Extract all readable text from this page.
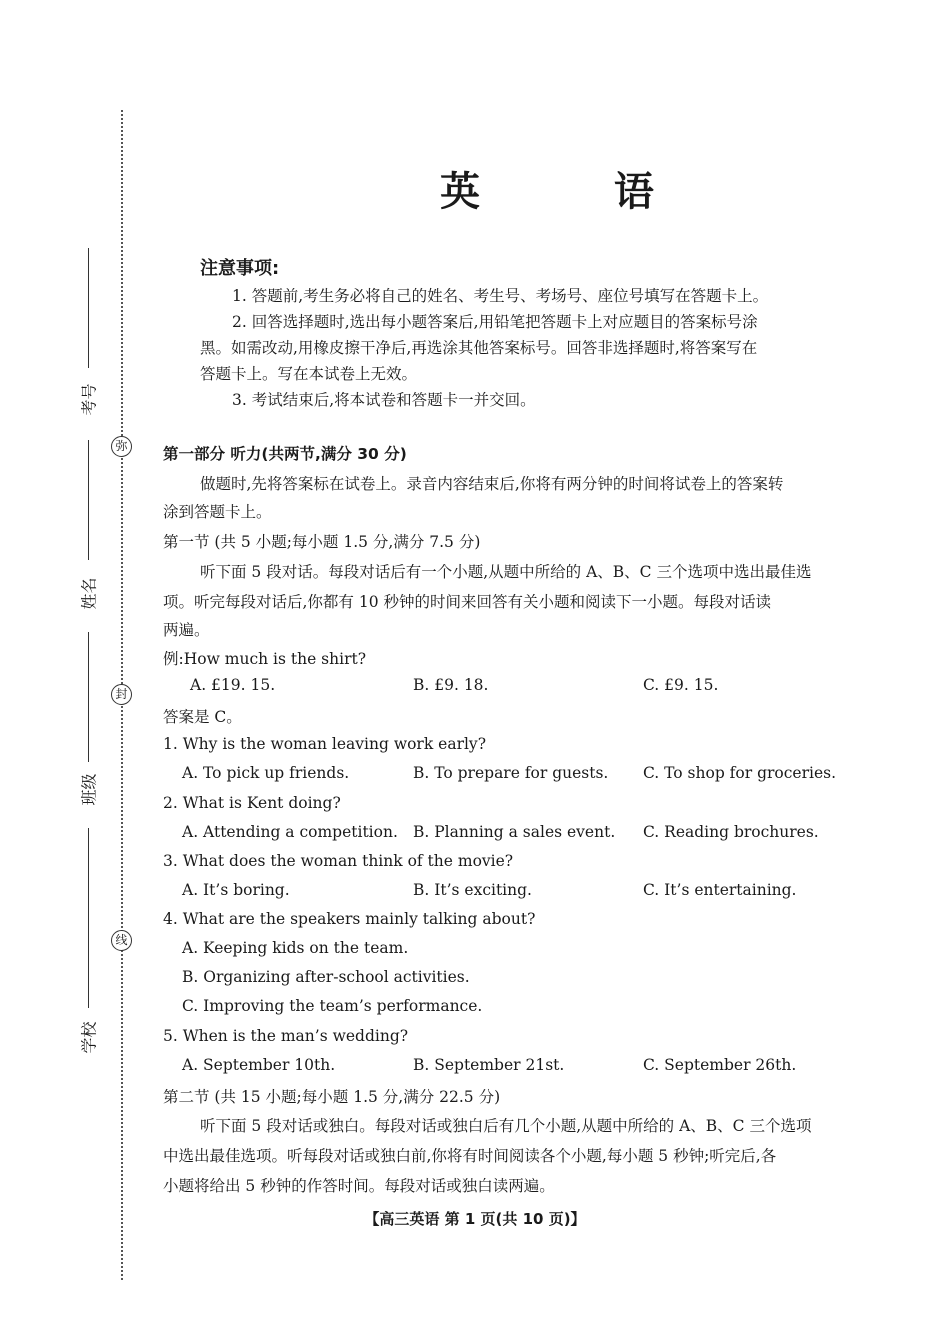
弥
封
线
考号
姓名
班级
学校
英 语
注意事项:
1. 答题前,考生务必将自己的姓名、考生号、考场号、座位号填写在答题卡上。
2. 回答选择题时,选出每小题答案后,用铅笔把答题卡上对应题目的答案标号涂
黑。如需改动,用橡皮擦干净后,再选涂其他答案标号。回答非选择题时,将答案写在
答题卡上。写在本试卷上无效。
3. 考试结束后,将本试卷和答题卡一并交回。
第一部分 听力(共两节,满分 30 分)
做题时,先将答案标在试卷上。录音内容结束后,你将有两分钟的时间将试卷上的答案转
涂到答题卡上。
第一节 (共 5 小题;每小题 1.5 分,满分 7.5 分)
听下面 5 段对话。每段对话后有一个小题,从题中所给的 A、B、C 三个选项中选出最佳选
项。听完每段对话后,你都有 10 秒钟的时间来回答有关小题和阅读下一小题。每段对话读
两遍。
例:How much is the shirt?
A. £19. 15.	B. £9. 18.	C. £9. 15.
答案是 C。
1. Why is the woman leaving work early?
A. To pick up friends.	B. To prepare for guests. C. To shop for groceries.
2. What is Kent doing?
A. Attending a competition. B. Planning a sales event. C. Reading brochures.
3. What does the woman think of the movie?
A. It’s boring.	B. It’s exciting.	C. It’s entertaining.
4. What are the speakers mainly talking about?
A. Keeping kids on the team.
B. Organizing after-school activities.
C. Improving the team’s performance.
5. When is the man’s wedding?
A. September 10th.	B. September 21st.	C. September 26th.
第二节 (共 15 小题;每小题 1.5 分,满分 22.5 分)
听下面 5 段对话或独白。每段对话或独白后有几个小题,从题中所给的 A、B、C 三个选项
中选出最佳选项。听每段对话或独白前,你将有时间阅读各个小题,每小题 5 秒钟;听完后,各
小题将给出 5 秒钟的作答时间。每段对话或独白读两遍。
【高三英语 第 1 页(共 10 页)】
